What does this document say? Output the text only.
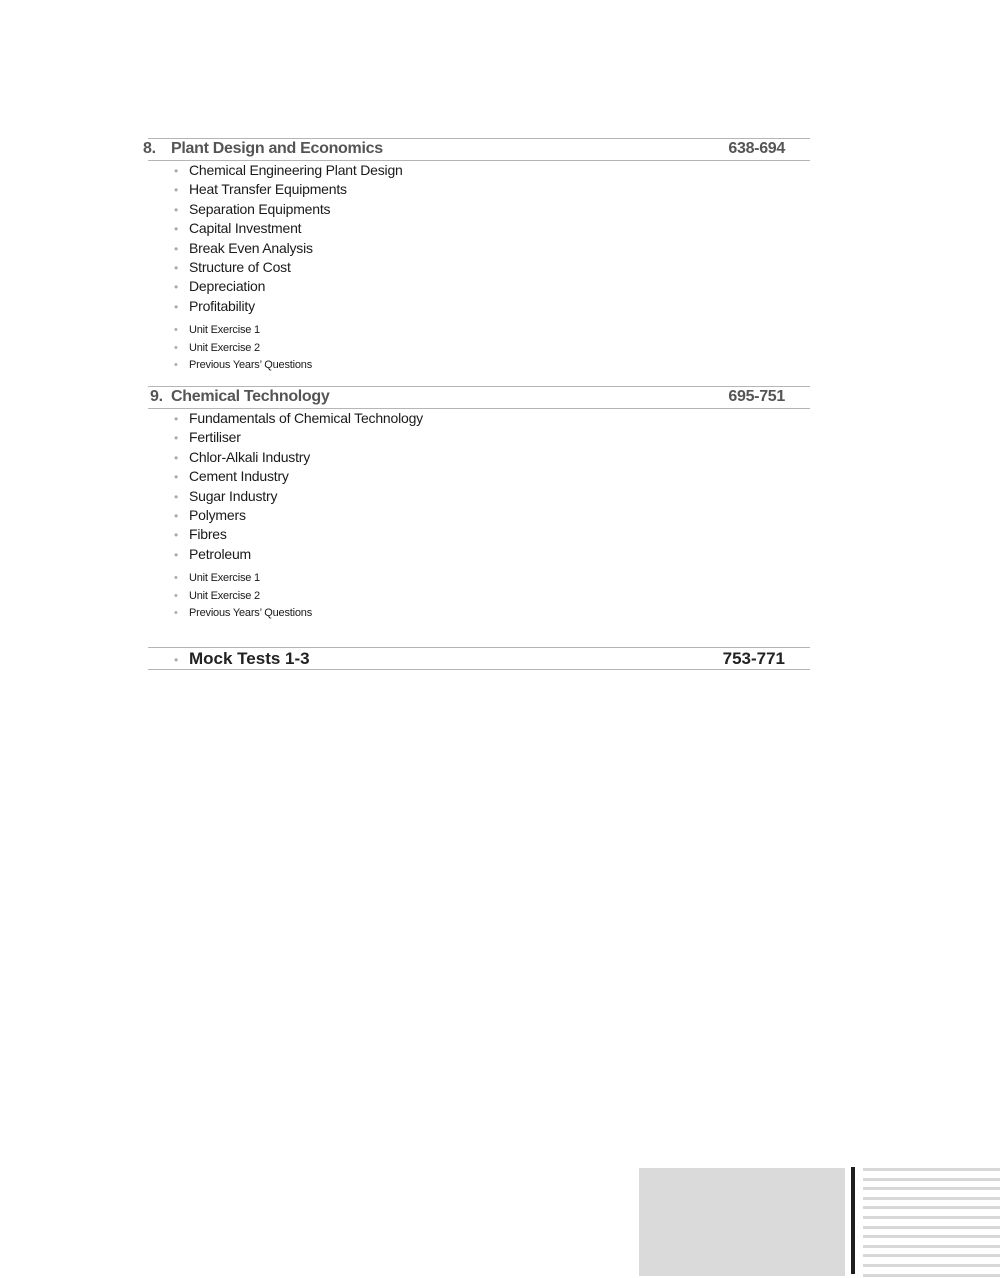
8. Plant Design and Economics	638-694
• Chemical Engineering Plant Design
• Heat Transfer Equipments
• Separation Equipments
• Capital Investment
• Break Even Analysis
• Structure of Cost
• Depreciation
• Profitability
• Unit Exercise 1
• Unit Exercise 2
• Previous Years’ Questions
9. Chemical Technology	695-751
• Fundamentals of Chemical Technology
• Fertiliser
• Chlor-Alkali Industry
• Cement Industry
• Sugar Industry
• Polymers
• Fibres
• Petroleum
• Unit Exercise 1
• Unit Exercise 2
• Previous Years’ Questions
• Mock Tests 1-3	753-771
